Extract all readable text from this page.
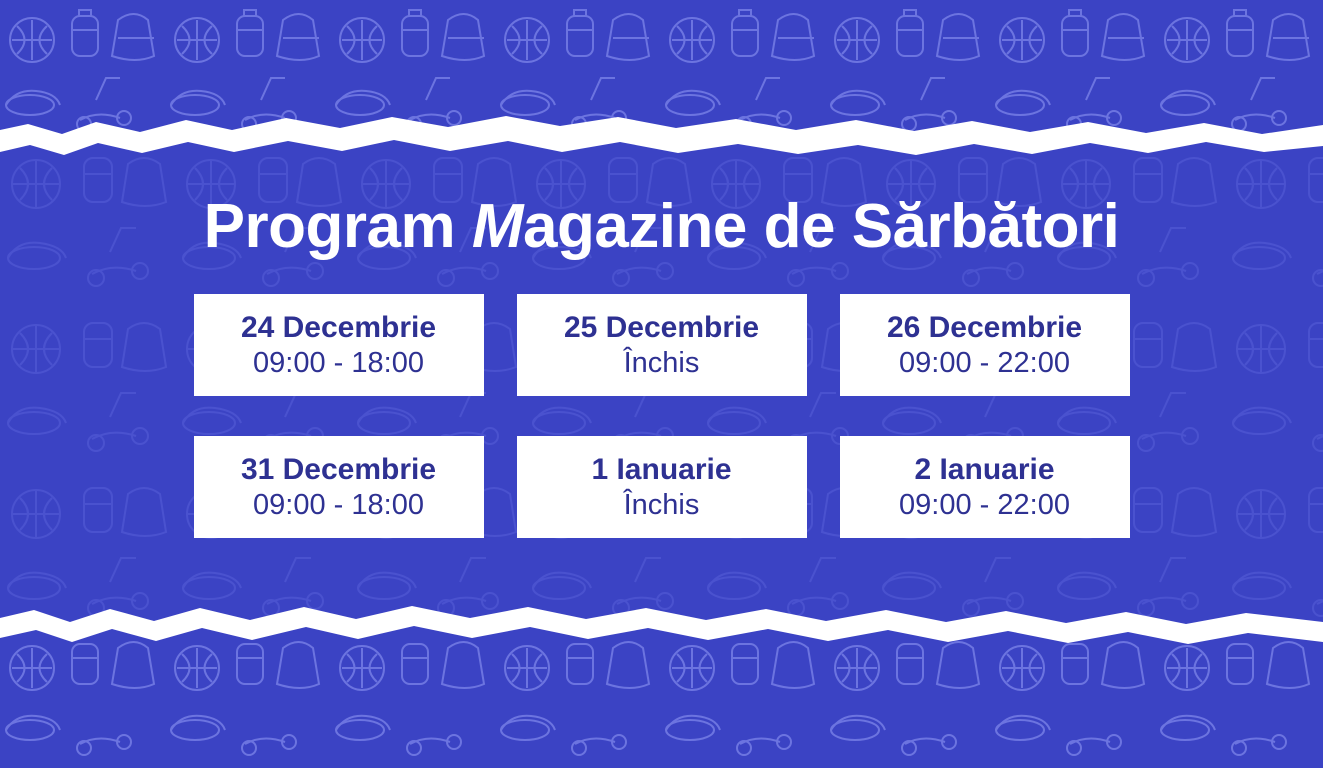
Program Magazine de Sărbători
24 Decembrie
09:00 - 18:00
25 Decembrie
Închis
26 Decembrie
09:00 - 22:00
31 Decembrie
09:00 - 18:00
1 Ianuarie
Închis
2 Ianuarie
09:00 - 22:00
